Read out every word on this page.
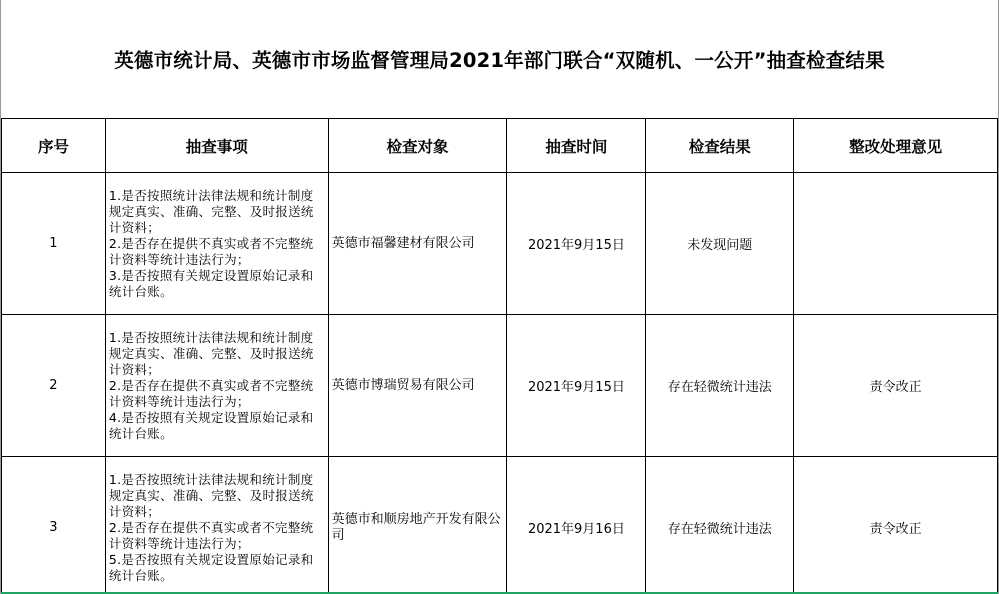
英德市统计局、英德市市场监督管理局2021年部门联合“双随机、一公开”抽查检查结果
序号	抽查事项	检查对象	抽查时间	检查结果	整改处理意见
1	1.是否按照统计法律法规和统计制度规定真实、准确、完整、及时报送统计资料；
2.是否存在提供不真实或者不完整统计资料等统计违法行为；
3.是否按照有关规定设置原始记录和统计台账。	英德市福馨建材有限公司	2021年9月15日	未发现问题	
2	1.是否按照统计法律法规和统计制度规定真实、准确、完整、及时报送统计资料；
2.是否存在提供不真实或者不完整统计资料等统计违法行为；
4.是否按照有关规定设置原始记录和统计台账。	英德市博瑞贸易有限公司	2021年9月15日	存在轻微统计违法	责令改正
3	1.是否按照统计法律法规和统计制度规定真实、准确、完整、及时报送统计资料；
2.是否存在提供不真实或者不完整统计资料等统计违法行为；
5.是否按照有关规定设置原始记录和统计台账。	英德市和顺房地产开发有限公司	2021年9月16日	存在轻微统计违法	责令改正
